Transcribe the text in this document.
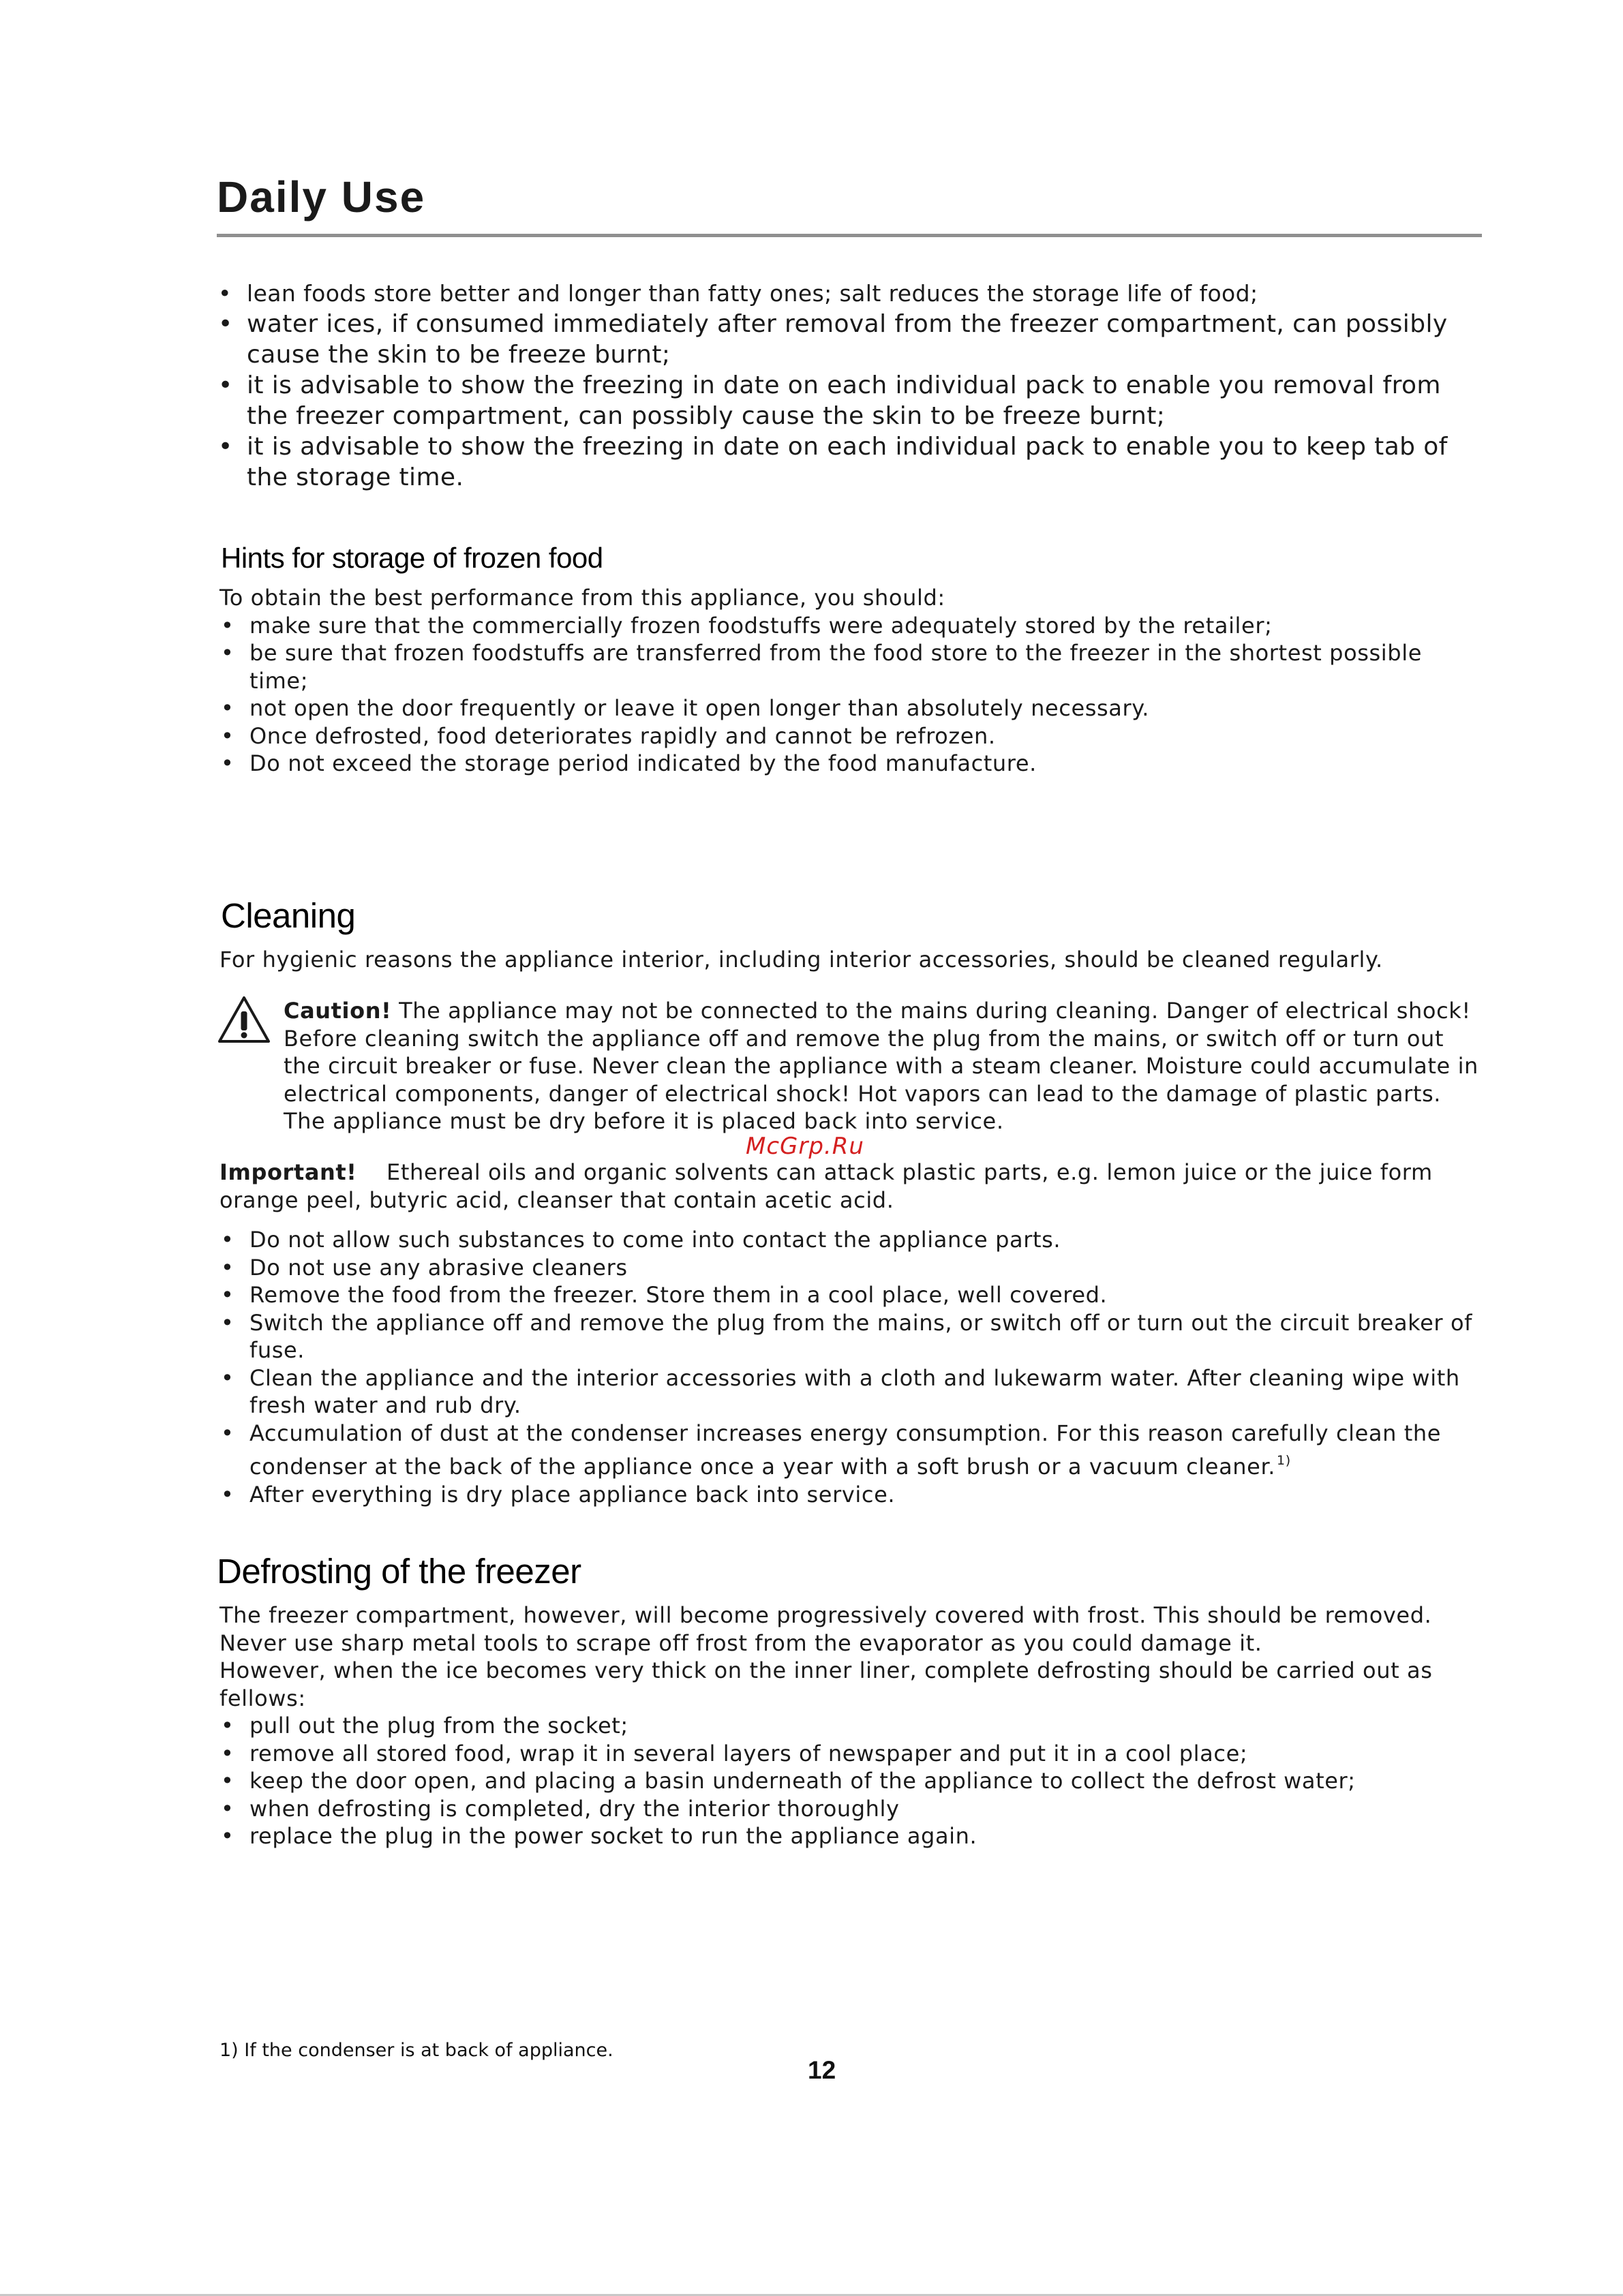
Daily Use
• lean foods store better and longer than fatty ones; salt reduces the storage life of food;
• water ices, if consumed immediately after removal from the freezer compartment, can possibly cause the skin to be freeze burnt;
• it is advisable to show the freezing in date on each individual pack to enable you removal from the freezer compartment, can possibly cause the skin to be freeze burnt;
• it is advisable to show the freezing in date on each individual pack to enable you to keep tab of the storage time.
Hints for storage of frozen food

To obtain the best performance from this appliance, you should:

• make sure that the commercially frozen foodstuffs were adequately stored by the retailer;
• be sure that frozen foodstuffs are transferred from the food store to the freezer in the shortest possible time;
• not open the door frequently or leave it open longer than absolutely necessary.
• Once defrosted, food deteriorates rapidly and cannot be refrozen.
• Do not exceed the storage period indicated by the food manufacture.
Cleaning

For hygienic reasons the appliance interior, including interior accessories, should be cleaned regularly.

Caution! The appliance may not be connected to the mains during cleaning. Danger of electrical shock! Before cleaning switch the appliance off and remove the plug from the mains, or switch off or turn out the circuit breaker or fuse. Never clean the appliance with a steam cleaner. Moisture could accumulate in electrical components, danger of electrical shock! Hot vapors can lead to the damage of plastic parts. The appliance must be dry before it is placed back into service.

McGrp.Ru

Important! Ethereal oils and organic solvents can attack plastic parts, e.g. lemon juice or the juice form orange peel, butyric acid, cleanser that contain acetic acid.

• Do not allow such substances to come into contact the appliance parts.
• Do not use any abrasive cleaners
• Remove the food from the freezer. Store them in a cool place, well covered.
• Switch the appliance off and remove the plug from the mains, or switch off or turn out the circuit breaker of fuse.
• Clean the appliance and the interior accessories with a cloth and lukewarm water. After cleaning wipe with fresh water and rub dry.
• Accumulation of dust at the condenser increases energy consumption. For this reason carefully clean the condenser at the back of the appliance once a year with a soft brush or a vacuum cleaner. $^{1)}$
• After everything is dry place appliance back into service.
Defrosting of the freezer

The freezer compartment, however, will become progressively covered with frost. This should be removed. Never use sharp metal tools to scrape off frost from the evaporator as you could damage it.

However, when the ice becomes very thick on the inner liner, complete defrosting should be carried out as fellows:

• pull out the plug from the socket;
• remove all stored food, wrap it in several layers of newspaper and put it in a cool place;
• keep the door open, and placing a basin underneath of the appliance to collect the defrost water;
• when defrosting is completed, dry the interior thoroughly
• replace the plug in the power socket to run the appliance again.
1) If the condenser is at back of appliance.
12
